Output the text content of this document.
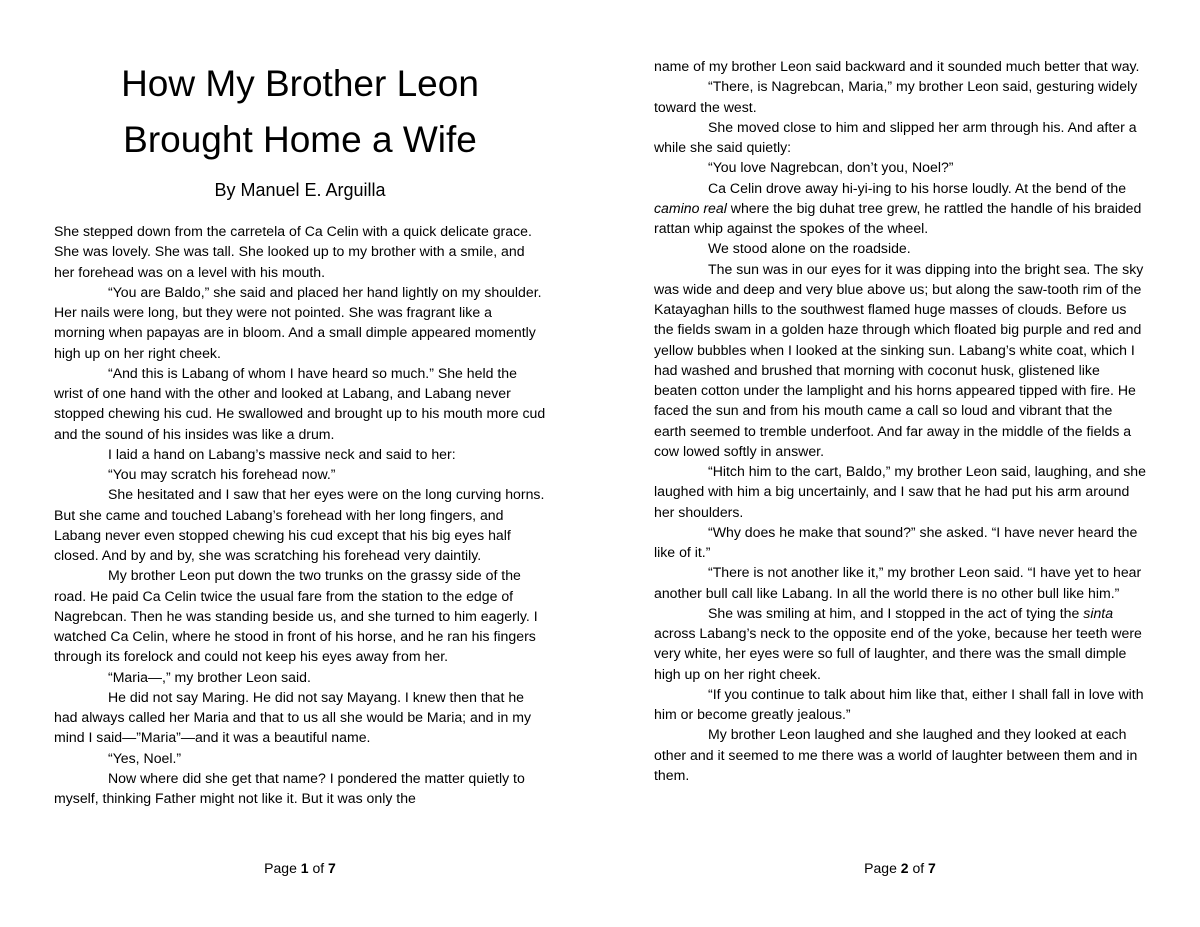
How My Brother Leon
Brought Home a Wife

By Manuel E. Arguilla

She stepped down from the carretela of Ca Celin with a quick delicate grace. She was lovely. She was tall. She looked up to my brother with a smile, and her forehead was on a level with his mouth.

“You are Baldo,” she said and placed her hand lightly on my shoulder. Her nails were long, but they were not pointed. She was fragrant like a morning when papayas are in bloom. And a small dimple appeared momently high up on her right cheek.

“And this is Labang of whom I have heard so much.” She held the wrist of one hand with the other and looked at Labang, and Labang never stopped chewing his cud. He swallowed and brought up to his mouth more cud and the sound of his insides was like a drum.

I laid a hand on Labang’s massive neck and said to her:

“You may scratch his forehead now.”

She hesitated and I saw that her eyes were on the long curving horns. But she came and touched Labang’s forehead with her long fingers, and Labang never even stopped chewing his cud except that his big eyes half closed. And by and by, she was scratching his forehead very daintily.

My brother Leon put down the two trunks on the grassy side of the road. He paid Ca Celin twice the usual fare from the station to the edge of Nagrebcan. Then he was standing beside us, and she turned to him eagerly. I watched Ca Celin, where he stood in front of his horse, and he ran his fingers through its forelock and could not keep his eyes away from her.

“Maria—,” my brother Leon said.

He did not say Maring. He did not say Mayang. I knew then that he had always called her Maria and that to us all she would be Maria; and in my mind I said—”Maria”—and it was a beautiful name.

“Yes, Noel.”

Now where did she get that name? I pondered the matter quietly to myself, thinking Father might not like it. But it was only the

Page 1 of 7

name of my brother Leon said backward and it sounded much better that way.

“There, is Nagrebcan, Maria,” my brother Leon said, gesturing widely toward the west.

She moved close to him and slipped her arm through his. And after a while she said quietly:

“You love Nagrebcan, don’t you, Noel?”

Ca Celin drove away hi-yi-ing to his horse loudly. At the bend of the camino real where the big duhat tree grew, he rattled the handle of his braided rattan whip against the spokes of the wheel.

We stood alone on the roadside.

The sun was in our eyes for it was dipping into the bright sea. The sky was wide and deep and very blue above us; but along the saw-tooth rim of the Katayaghan hills to the southwest flamed huge masses of clouds. Before us the fields swam in a golden haze through which floated big purple and red and yellow bubbles when I looked at the sinking sun. Labang’s white coat, which I had washed and brushed that morning with coconut husk, glistened like beaten cotton under the lamplight and his horns appeared tipped with fire. He faced the sun and from his mouth came a call so loud and vibrant that the earth seemed to tremble underfoot. And far away in the middle of the fields a cow lowed softly in answer.

“Hitch him to the cart, Baldo,” my brother Leon said, laughing, and she laughed with him a big uncertainly, and I saw that he had put his arm around her shoulders.

“Why does he make that sound?” she asked. “I have never heard the like of it.”

“There is not another like it,” my brother Leon said. “I have yet to hear another bull call like Labang. In all the world there is no other bull like him.”

She was smiling at him, and I stopped in the act of tying the sinta across Labang’s neck to the opposite end of the yoke, because her teeth were very white, her eyes were so full of laughter, and there was the small dimple high up on her right cheek.

“If you continue to talk about him like that, either I shall fall in love with him or become greatly jealous.”

My brother Leon laughed and she laughed and they looked at each other and it seemed to me there was a world of laughter between them and in them.

Page 2 of 7
